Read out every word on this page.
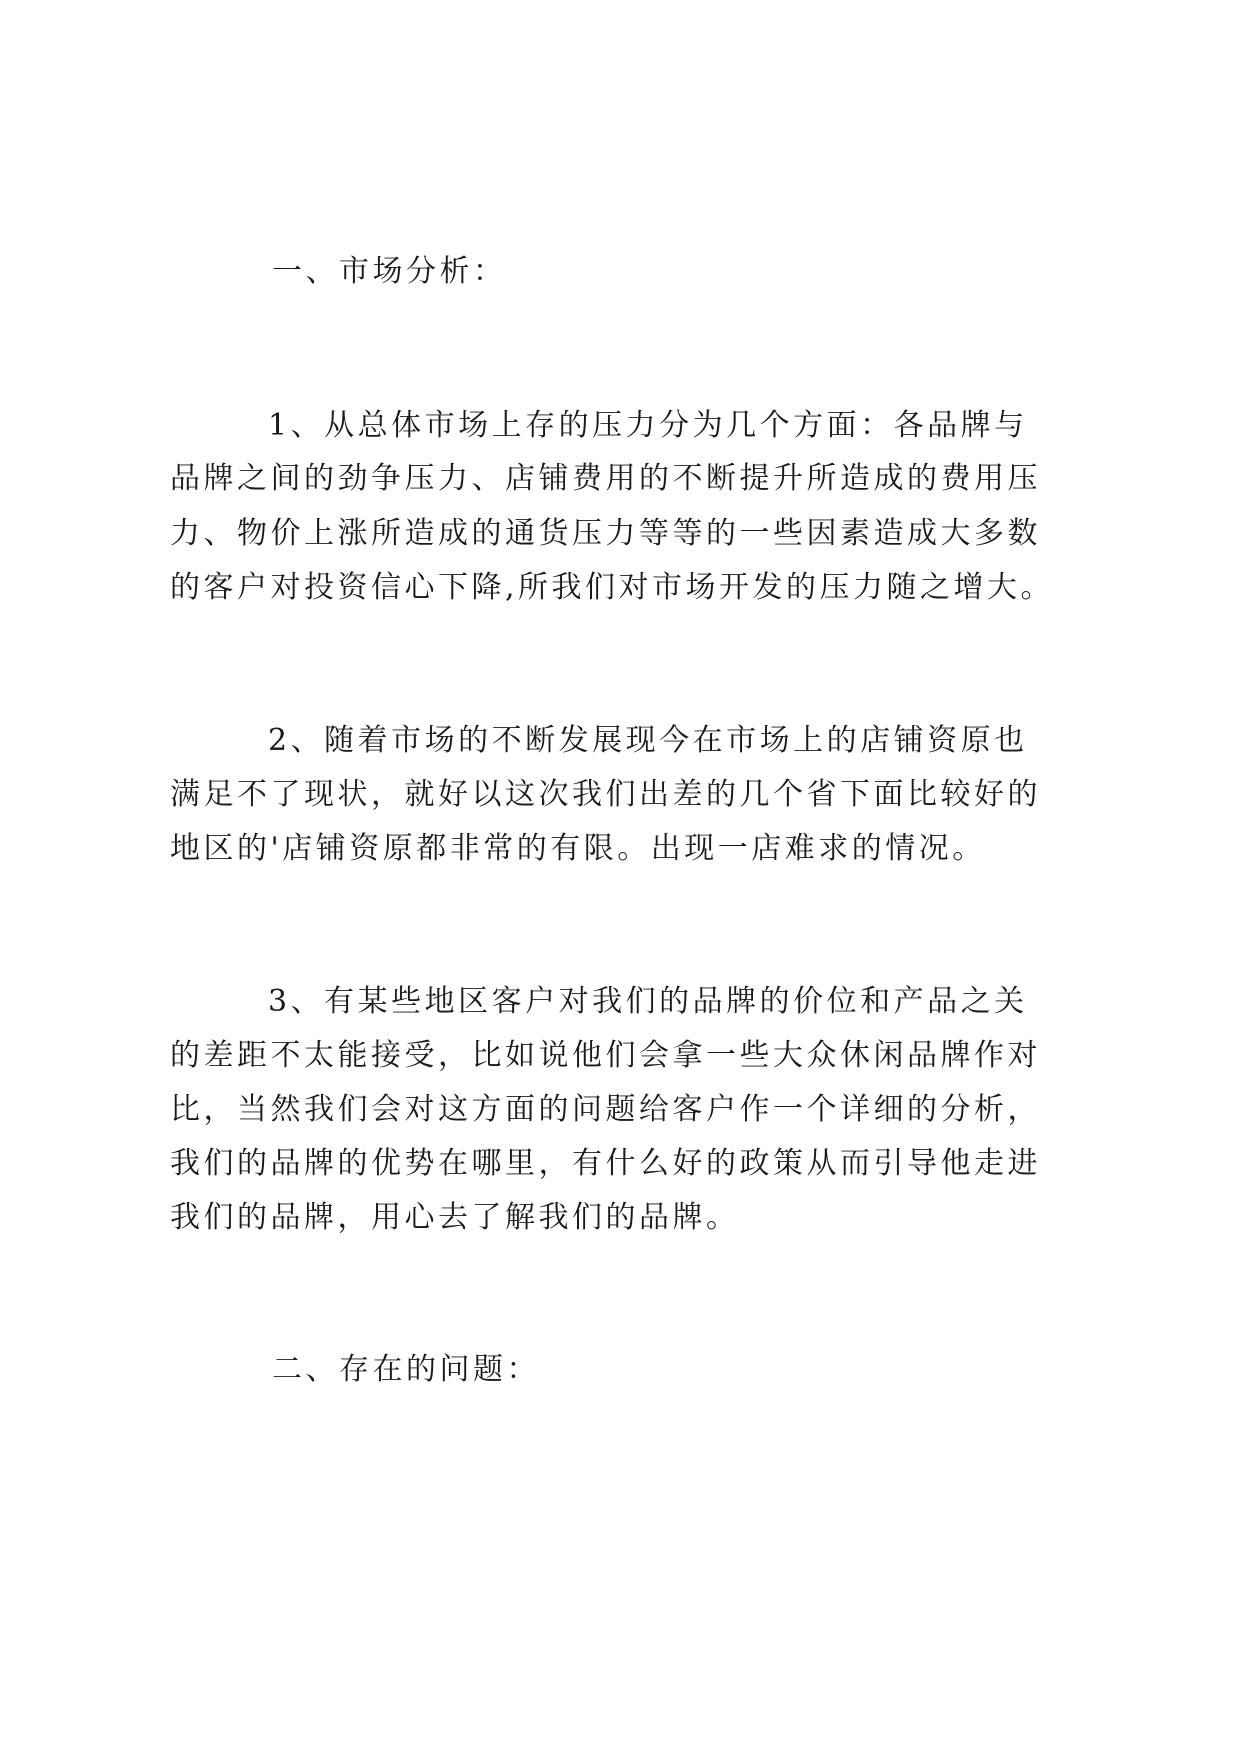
一、市场分析：

1、从总体市场上存的压力分为几个方面：各品牌与

品牌之间的劲争压力、店铺费用的不断提升所造成的费用压

力、物价上涨所造成的通货压力等等的一些因素造成大多数

的客户对投资信心下降,所我们对市场开发的压力随之增大。

2、随着市场的不断发展现今在市场上的店铺资原也

满足不了现状，就好以这次我们出差的几个省下面比较好的

地区的'店铺资原都非常的有限。出现一店难求的情况。

3、有某些地区客户对我们的品牌的价位和产品之关

的差距不太能接受，比如说他们会拿一些大众休闲品牌作对

比，当然我们会对这方面的问题给客户作一个详细的分析，

我们的品牌的优势在哪里，有什么好的政策从而引导他走进

我们的品牌，用心去了解我们的品牌。

二、存在的问题：
